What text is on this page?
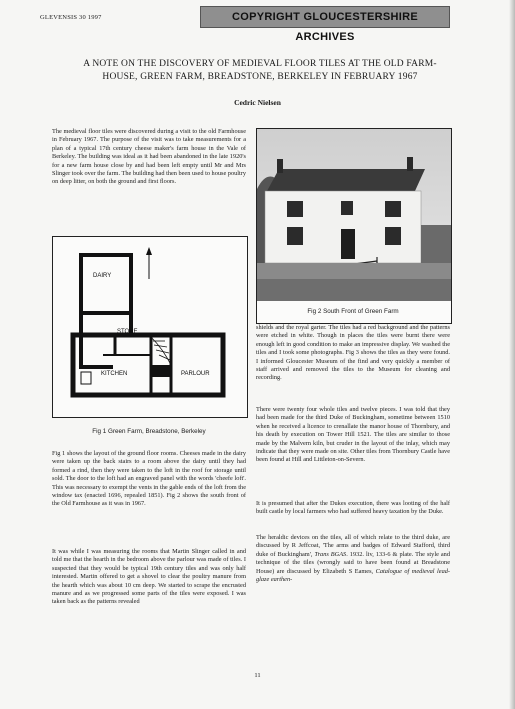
GLEVENSIS 30 1997	COPYRIGHT GLOUCESTERSHIRE ARCHIVES
A NOTE ON THE DISCOVERY OF MEDIEVAL FLOOR TILES AT THE OLD FARM-
HOUSE, GREEN FARM, BREADSTONE, BERKELEY IN FEBRUARY 1967
Cedric Nielsen

The medieval floor tiles were discovered during a visit to the old Farmhouse in February 1967. The purpose of the visit was to take measurements for a plan of a typical 17th century cheese maker's farm house in the Vale of Berkeley. The building was ideal as it had been abandoned in the late 1920's for a new farm house close by and had been left empty until Mr and Mrs Slinger took over the farm. The building had then been used to house poultry on deep litter, on both the ground and first floors.

DAIRY
STORE
KITCHEN	PARLOUR
Fig 1 Green Farm, Breadstone, Berkeley

Fig 1 shows the layout of the ground floor rooms. Cheeses made in the dairy were taken up the back stairs to a room above the dairy until they had formed a rind, then they were taken to the loft in the roof for storage until sold. The door to the loft had an engraved panel with the words 'cheefe loft'. This was necessary to exempt the vents in the gable ends of the loft from the window tax (enacted 1696, repealed 1851). Fig 2 shows the south front of the Old Farmhouse as it was in 1967.

It was while I was measuring the rooms that Martin Slinger called in and told me that the hearth in the bedroom above the parlour was made of tiles. I suspected that they would be typical 19th century tiles and was only half interested. Martin offered to get a shovel to clear the poultry manure from the hearth which was about 10 cm deep. We started to scrape the encrusted manure and as we progressed some parts of the tiles were exposed. I was taken back as the patterns revealed

Fig 2 South Front of Green Farm

shields and the royal garter. The tiles had a red background and the patterns were etched in white. Though in places the tiles were burnt there were enough left in good condition to make an impressive display. We washed the tiles and I took some photographs. Fig 3 shows the tiles as they were found. I informed Gloucester Museum of the find and very quickly a member of staff arrived and removed the tiles to the Museum for cleaning and recording.

There were twenty four whole tiles and twelve pieces. I was told that they had been made for the third Duke of Buckingham, sometime between 1510 when he received a licence to crenallate the manor house of Thornbury, and his death by execution on Tower Hill 1521. The tiles are similar to those made by the Malvern kiln, but cruder in the layout of the inlay, which may indicate that they were made on site. Other tiles from Thornbury Castle have been found at Hill and Littleton-on-Severn.

It is presumed that after the Dukes execution, there was looting of the half built castle by local farmers who had suffered heavy taxation by the Duke.

The heraldic devices on the tiles, all of which relate to the third duke, are discussed by R Jeffcoat, 'The arms and badges of Edward Stafford, third duke of Buckingham', Trans BGAS. 1932. liv, 133-6 & plate. The style and technique of the tiles (wrongly said to have been found at Breadstone House) are discussed by Elizabeth S Eames, Catalogue of medieval lead-glaze earthen-

11
